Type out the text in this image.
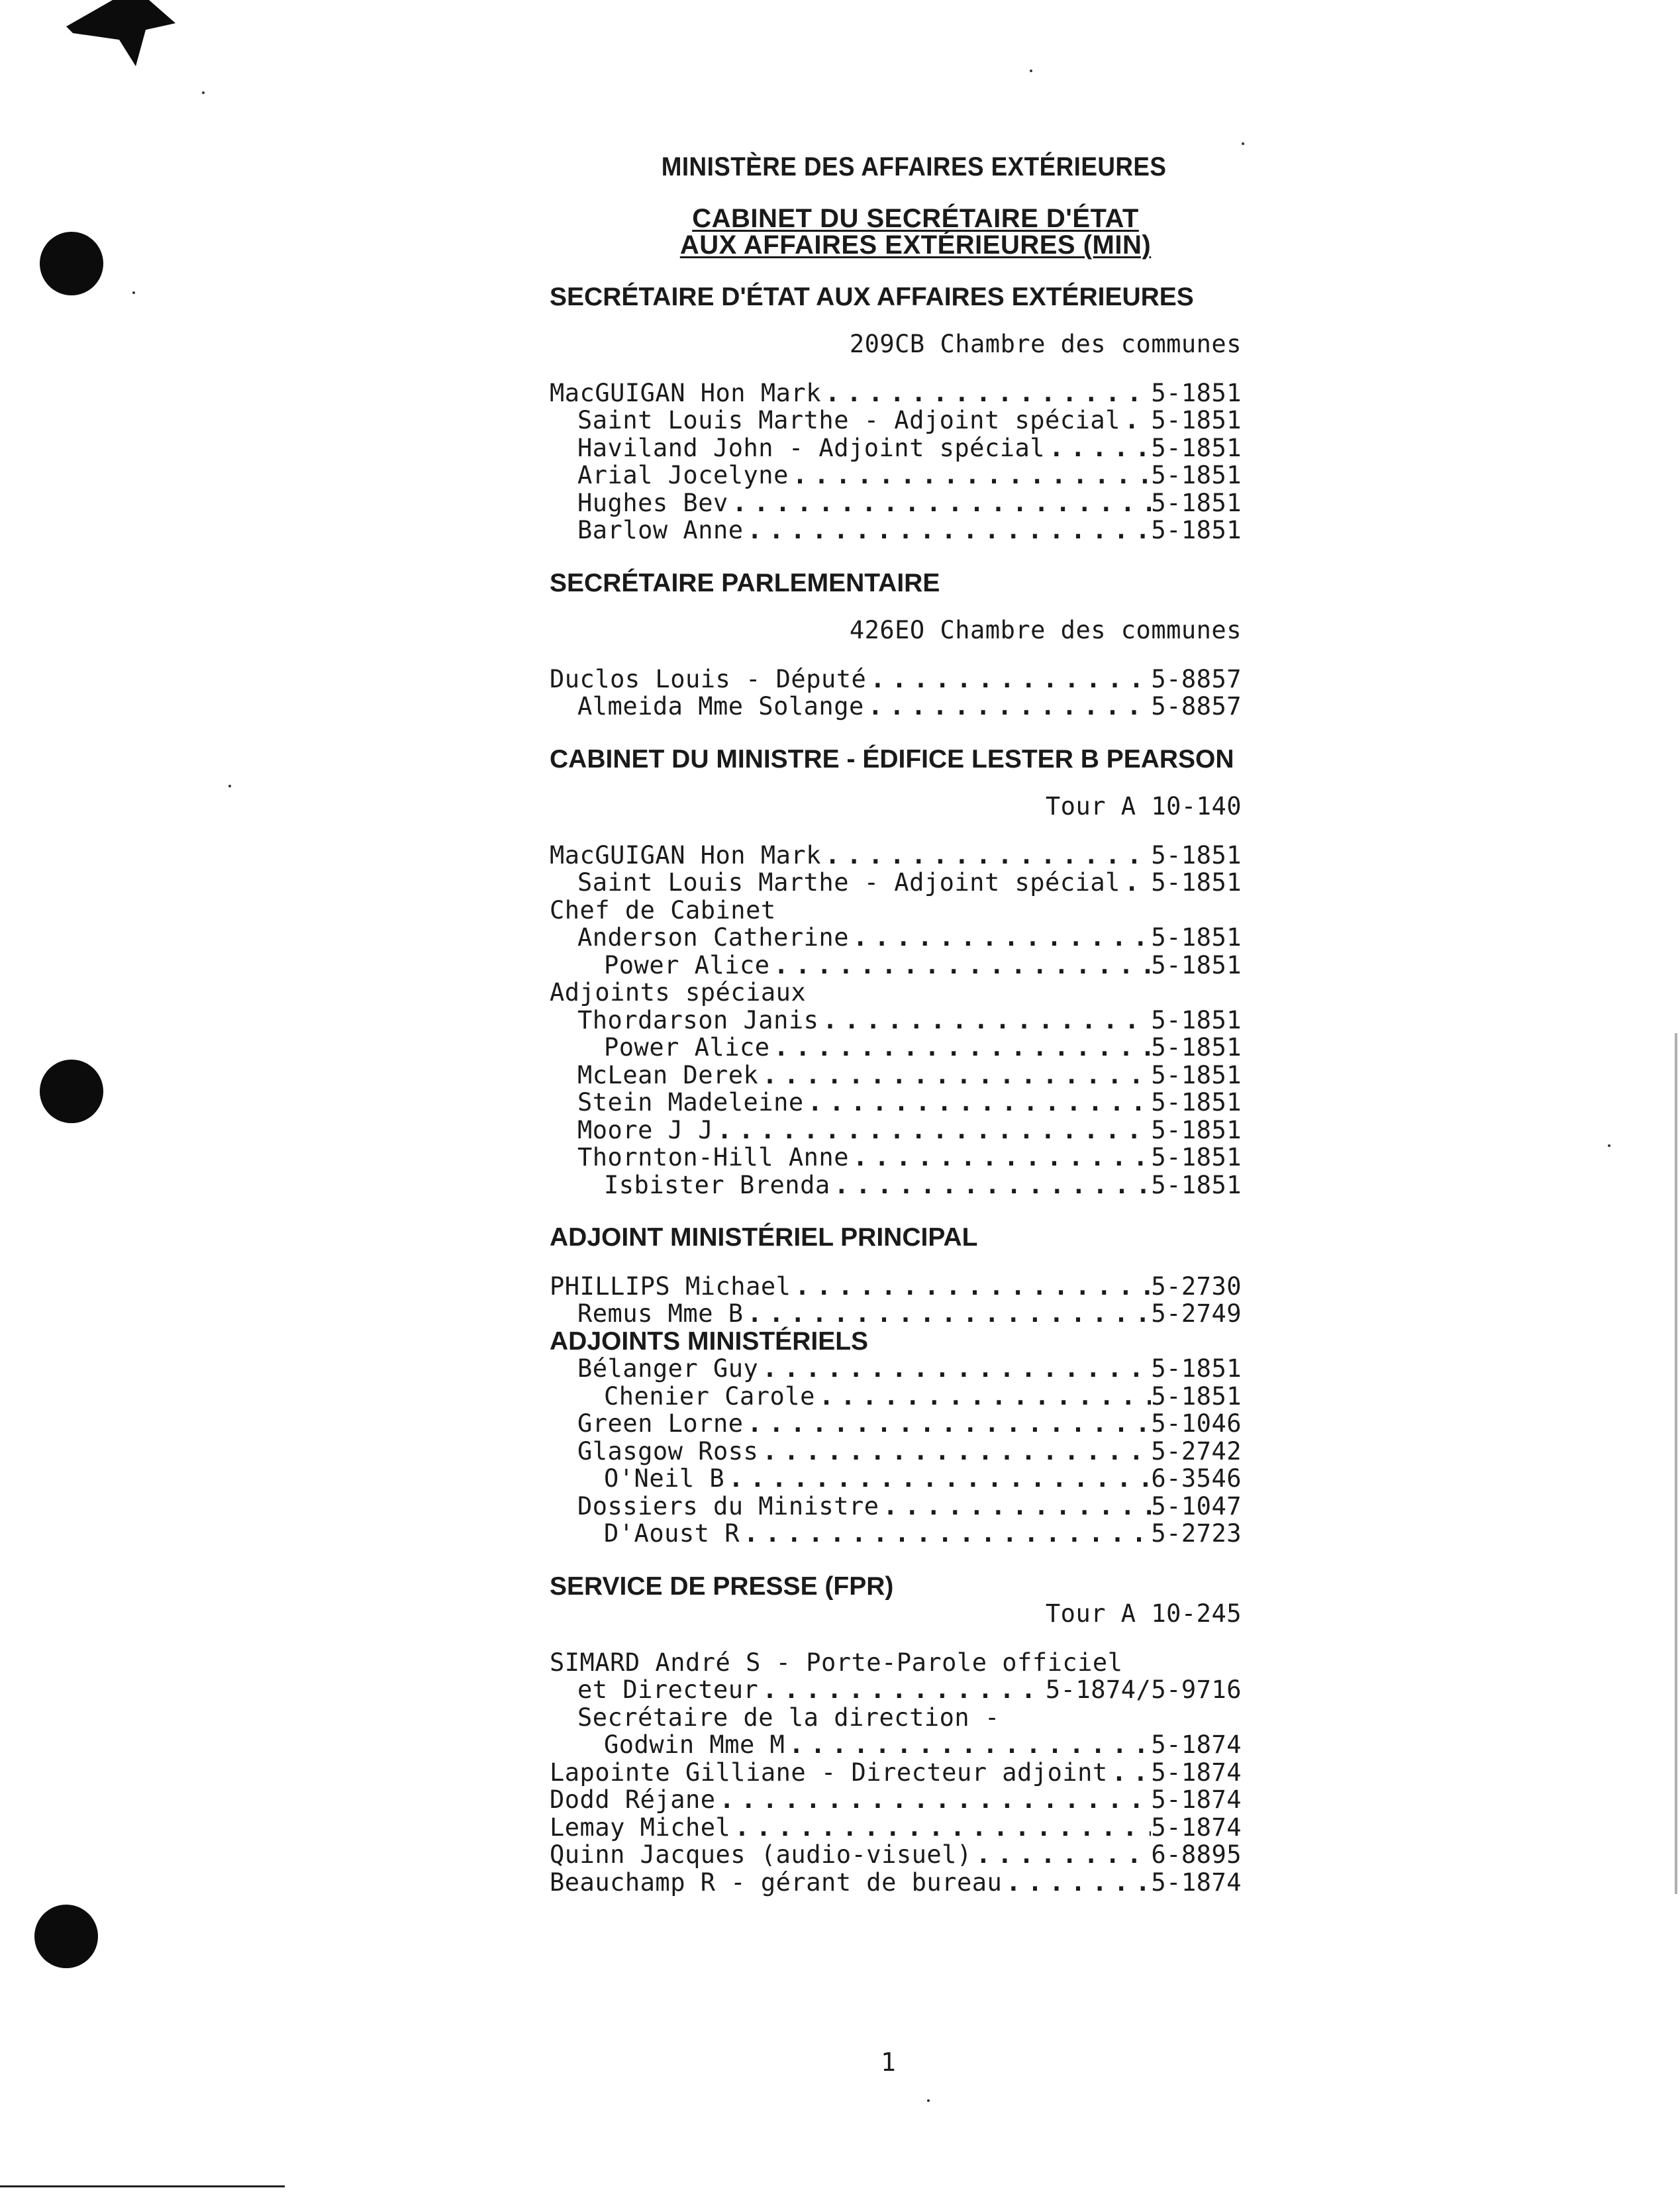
MINISTÈRE DES AFFAIRES EXTÉRIEURES
CABINET DU SECRÉTAIRE D'ÉTAT
AUX AFFAIRES EXTÉRIEURES (MIN)
SECRÉTAIRE D'ÉTAT AUX AFFAIRES EXTÉRIEURES
209CB Chambre des communes
MacGUIGAN Hon Mark . . .	5-1851
Saint Louis Marthe - Adjoint spécial . . . 5-1851
Haviland John - Adjoint spécial . . .	5-1851
Arial Jocelyne . . .	5-1851
Hughes Bev . . .	5-1851
Barlow Anne . . .	5-1851
SECRÉTAIRE PARLEMENTAIRE
426EO Chambre des communes
Duclos Louis - Député . . .	5-8857
Almeida Mme Solange . . .	5-8857
CABINET DU MINISTRE - ÉDIFICE LESTER B PEARSON
Tour A 10-140
MacGUIGAN Hon Mark . . .	5-1851
Saint Louis Marthe - Adjoint spécial . . . 5-1851
Chef de Cabinet
Anderson Catherine . . .	5-1851
Power Alice . . .	5-1851
Adjoints spéciaux
Thordarson Janis . . .	5-1851
Power Alice . . .	5-1851
McLean Derek . . .	5-1851
Stein Madeleine . . .	5-1851
Moore J J . . .	5-1851
Thornton-Hill Anne . . .	5-1851
Isbister Brenda . . .	5-1851
ADJOINT MINISTÉRIEL PRINCIPAL
PHILLIPS Michael . . .	5-2730
Remus Mme B . . .	5-2749
ADJOINTS MINISTÉRIELS
Bélanger Guy . . .	5-1851
Chenier Carole . . .	5-1851
Green Lorne . . .	5-1046
Glasgow Ross . . .	5-2742
O'Neil B . . .	6-3546
Dossiers du Ministre . . .	5-1047
D'Aoust R . . .	5-2723
SERVICE DE PRESSE (FPR)
Tour A 10-245
SIMARD André S - Porte-Parole officiel
et Directeur . . .	5-1874/5-9716
Secrétaire de la direction -
Godwin Mme M . . .	5-1874
Lapointe Gilliane - Directeur adjoint . . . 5-1874
Dodd Réjane . . .	5-1874
Lemay Michel . . .	5-1874
Quinn Jacques (audio-visuel) . . .	6-8895
Beauchamp R - gérant de bureau . . .	5-1874
1
